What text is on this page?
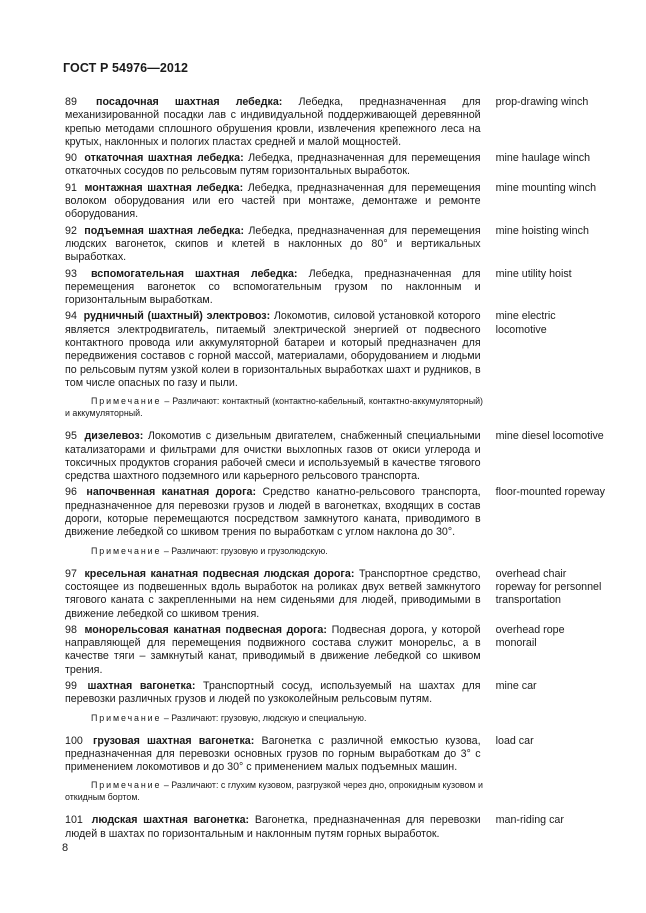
ГОСТ Р 54976—2012
89 посадочная шахтная лебедка: Лебедка, предназначенная для механизированной посадки лав с индивидуальной поддерживающей деревянной крепью методами сплошного обрушения кровли, извлечения крепежного леса на крутых, наклонных и пологих пластах средней и малой мощностей.
prop-drawing winch
90 откаточная шахтная лебедка: Лебедка, предназначенная для перемещения откаточных сосудов по рельсовым путям горизонтальных выработок.
mine haulage winch
91 монтажная шахтная лебедка: Лебедка, предназначенная для перемещения волоком оборудования или его частей при монтаже, демонтаже и ремонте оборудования.
mine mounting winch
92 подъемная шахтная лебедка: Лебедка, предназначенная для перемещения людских вагонеток, скипов и клетей в наклонных до 80° и вертикальных выработках.
mine hoisting winch
93 вспомогательная шахтная лебедка: Лебедка, предназначенная для перемещения вагонеток со вспомогательным грузом по наклонным и горизонтальным выработкам.
mine utility hoist
94 рудничный (шахтный) электровоз: Локомотив, силовой установкой которого является электродвигатель, питаемый электрической энергией от подвесного контактного провода или аккумуляторной батареи и который предназначен для передвижения составов с горной массой, материалами, оборудованием и людьми по рельсовым путям узкой колеи в горизонтальных выработках шахт и рудников, в том числе опасных по газу и пыли.
mine electric locomotive
Примечание – Различают: контактный (контактно-кабельный, контактно-аккумуляторный) и аккумуляторный.
95 дизелевоз: Локомотив с дизельным двигателем, снабженный специальными катализаторами и фильтрами для очистки выхлопных газов от окиси углерода и токсичных продуктов сгорания рабочей смеси и используемый в качестве тягового средства шахтного подземного или карьерного рельсового транспорта.
mine diesel locomotive
96 напочвенная канатная дорога: Средство канатно-рельсового транспорта, предназначенное для перевозки грузов и людей в вагонетках, входящих в состав дороги, которые перемещаются посредством замкнутого каната, приводимого в движение лебедкой со шкивом трения по выработкам с углом наклона до 30°.
floor-mounted ropeway
Примечание – Различают: грузовую и грузолюдскую.
97 кресельная канатная подвесная людская дорога: Транспортное средство, состоящее из подвешенных вдоль выработок на роликах двух ветвей замкнутого тягового каната с закрепленными на нем сиденьями для людей, приводимыми в движение лебедкой со шкивом трения.
overhead chair ropeway for personnel transportation
98 монорельсовая канатная подвесная дорога: Подвесная дорога, у которой направляющей для перемещения подвижного состава служит монорельс, а в качестве тяги – замкнутый канат, приводимый в движение лебедкой со шкивом трения.
overhead rope monorail
99 шахтная вагонетка: Транспортный сосуд, используемый на шахтах для перевозки различных грузов и людей по узкоколейным рельсовым путям.
mine car
Примечание – Различают: грузовую, людскую и специальную.
100 грузовая шахтная вагонетка: Вагонетка с различной емкостью кузова, предназначенная для перевозки основных грузов по горным выработкам до 3° с применением локомотивов и до 30° с применением малых подъемных машин.
load car
Примечание – Различают: с глухим кузовом, разгрузкой через дно, опрокидным кузовом и откидным бортом.
101 людская шахтная вагонетка: Вагонетка, предназначенная для перевозки людей в шахтах по горизонтальным и наклонным путям горных выработок.
man-riding car
8
